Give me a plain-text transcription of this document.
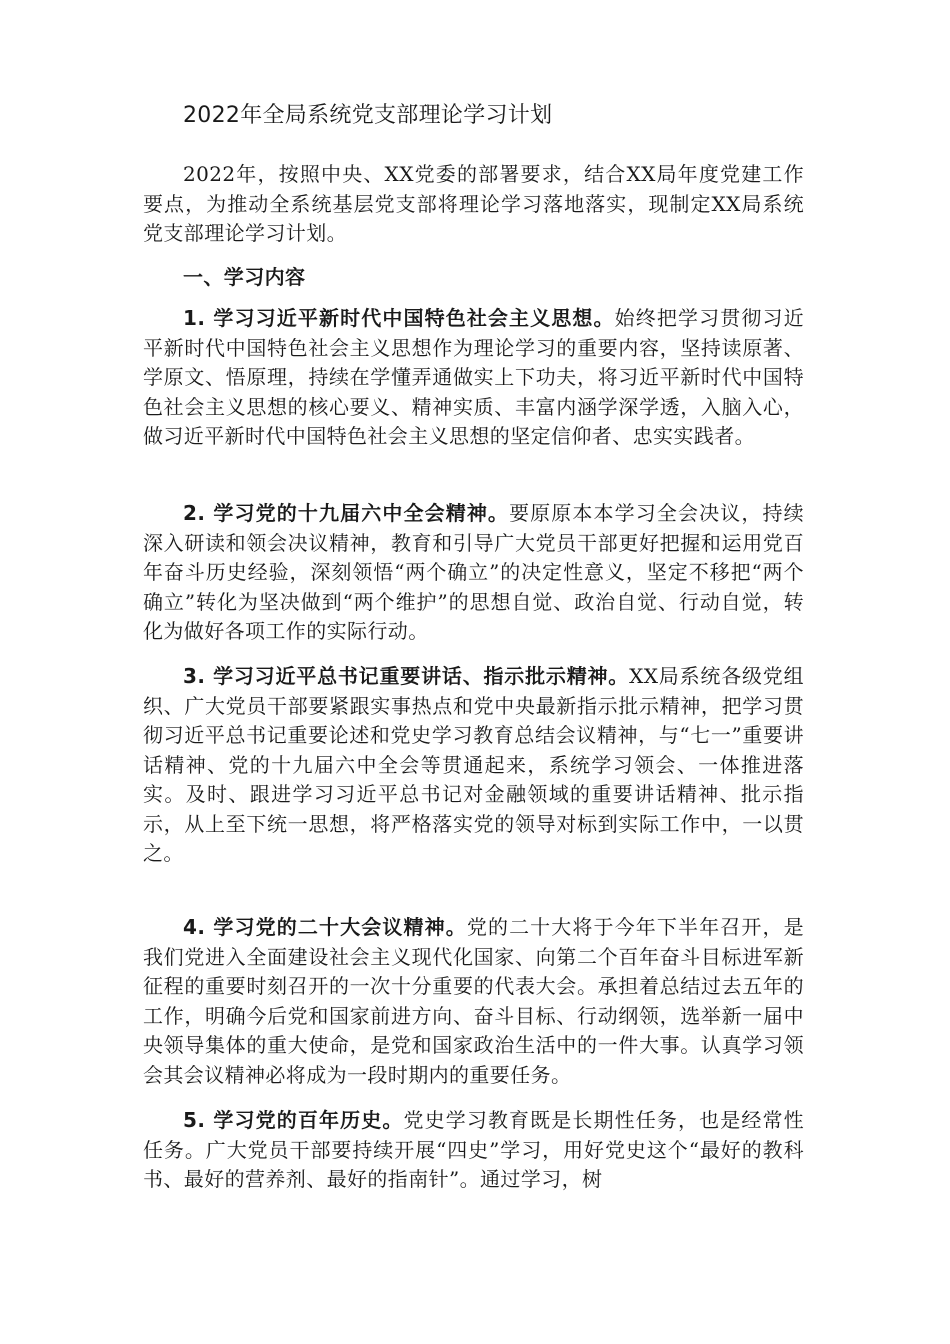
2022年全局系统党支部理论学习计划

2022年，按照中央、XX党委的部署要求，结合XX局年度党建工作要点，为推动全系统基层党支部将理论学习落地落实，现制定XX局系统党支部理论学习计划。

一、学习内容

1. 学习习近平新时代中国特色社会主义思想。始终把学习贯彻习近平新时代中国特色社会主义思想作为理论学习的重要内容，坚持读原著、学原文、悟原理，持续在学懂弄通做实上下功夫，将习近平新时代中国特色社会主义思想的核心要义、精神实质、丰富内涵学深学透，入脑入心，做习近平新时代中国特色社会主义思想的坚定信仰者、忠实实践者。

2. 学习党的十九届六中全会精神。要原原本本学习全会决议，持续深入研读和领会决议精神，教育和引导广大党员干部更好把握和运用党百年奋斗历史经验，深刻领悟“两个确立”的决定性意义，坚定不移把“两个确立”转化为坚决做到“两个维护”的思想自觉、政治自觉、行动自觉，转化为做好各项工作的实际行动。

3. 学习习近平总书记重要讲话、指示批示精神。XX局系统各级党组织、广大党员干部要紧跟实事热点和党中央最新指示批示精神，把学习贯彻习近平总书记重要论述和党史学习教育总结会议精神，与“七一”重要讲话精神、党的十九届六中全会等贯通起来，系统学习领会、一体推进落实。及时、跟进学习习近平总书记对金融领域的重要讲话精神、批示指示，从上至下统一思想，将严格落实党的领导对标到实际工作中，一以贯之。

4. 学习党的二十大会议精神。党的二十大将于今年下半年召开，是我们党进入全面建设社会主义现代化国家、向第二个百年奋斗目标进军新征程的重要时刻召开的一次十分重要的代表大会。承担着总结过去五年的工作，明确今后党和国家前进方向、奋斗目标、行动纲领，选举新一届中央领导集体的重大使命，是党和国家政治生活中的一件大事。认真学习领会其会议精神必将成为一段时期内的重要任务。

5. 学习党的百年历史。党史学习教育既是长期性任务，也是经常性任务。广大党员干部要持续开展“四史”学习，用好党史这个“最好的教科书、最好的营养剂、最好的指南针”。通过学习，树
